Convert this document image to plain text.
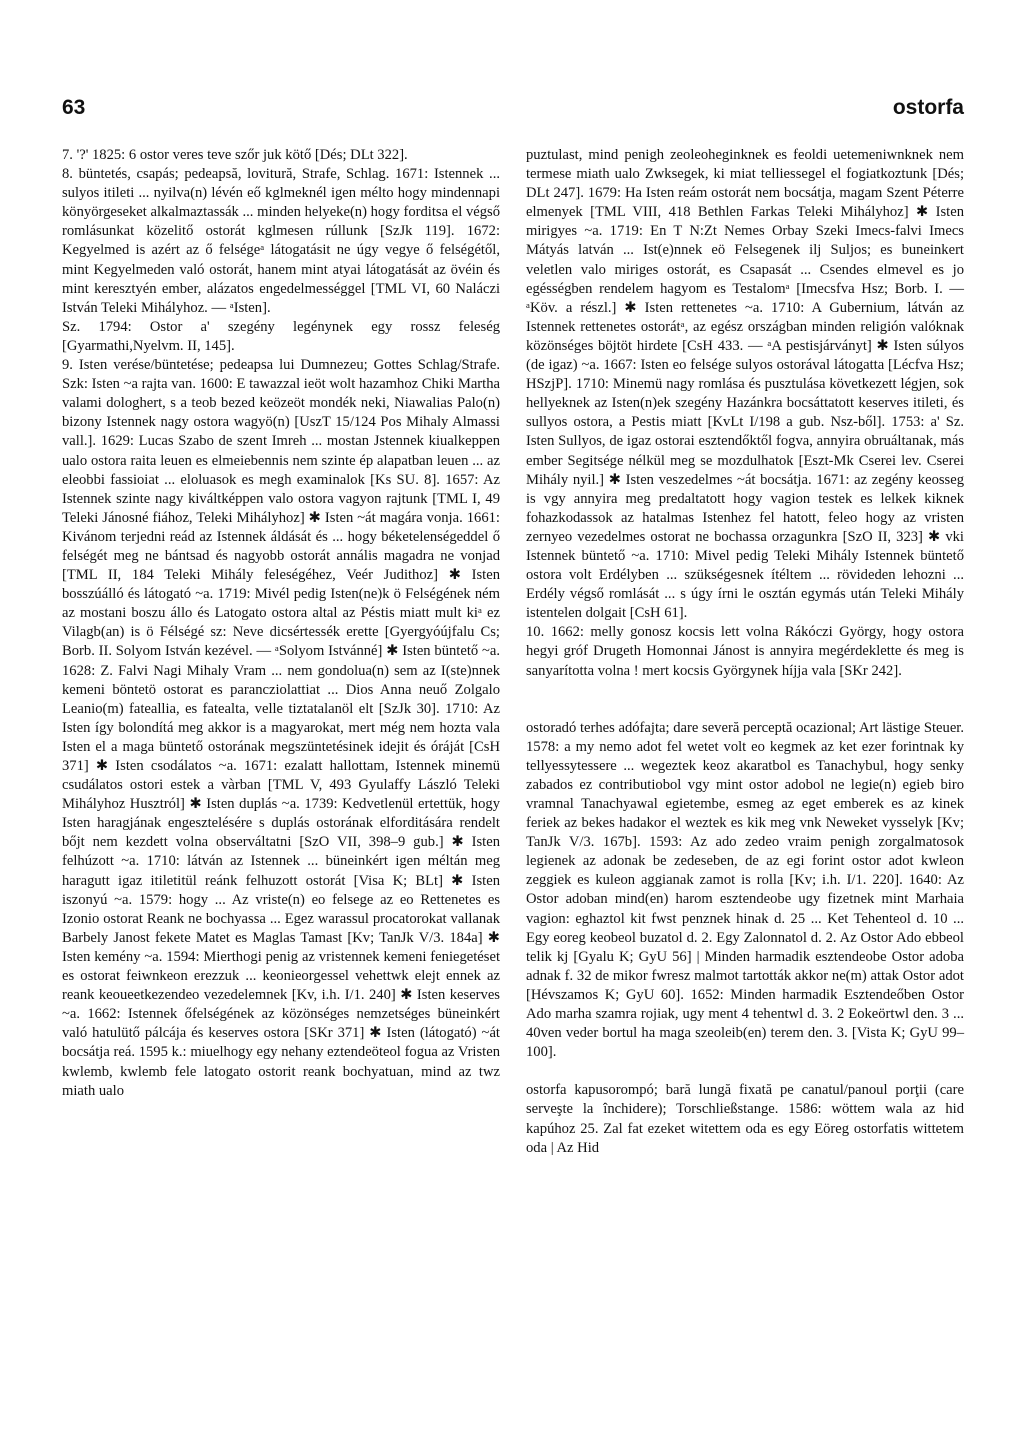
63	ostorfa

7. '?' 1825: 6 ostor veres teve szőr juk kötő [Dés; DLt 322].

8. büntetés, csapás; pedeapsă, lovitură, Strafe, Schlag. 1671: Istennek ... sulyos itileti ... nyilva(n) lévén eő kglmeknél igen mélto hogy mindennapi könyörgeseket alkalmaztassák ... minden helyeke(n) hogy forditsa el végső romlásunkat közelitő ostorát kglmesen rúllunk [SzJk 119]. 1672: Kegyelmed is azért az ő felségeᵃ látogatásit ne úgy vegye ő felségétől, mint Kegyelmeden való ostorát, hanem mint atyai látogatását az övéin és mint keresztyén ember, alázatos engedelmességgel [TML VI, 60 Naláczi István Teleki Mihályhoz. — ᵃIsten].

Sz. 1794: Ostor a' szegény legénynek egy rossz feleség [Gyarmathi,Nyelvm. II, 145].

9. Isten verése/büntetése; pedeapsa lui Dumnezeu; Gottes Schlag/Strafe. Szk: Isten ~a rajta van. 1600: E tawazzal ieöt wolt hazamhoz Chiki Martha valami dologhert, s a teob bezed keözeöt mondék neki, Niawalias Palo(n) bizony Istennek nagy ostora wagyö(n) [UszT 15/124 Pos Mihaly Almassi vall.]. 1629: Lucas Szabo de szent Imreh ... mostan Jstennek kiualkeppen ualo ostora raita leuen es elmeiebennis nem szinte ép alapatban leuen ... az eleobbi fassioiat ... eloluasok es megh examinalok [Ks SU. 8]. 1657: Az Istennek szinte nagy kiváltképpen valo ostora vagyon rajtunk [TML I, 49 Teleki Jánosné fiához, Teleki Mihályhoz] ✱ Isten ~át magára vonja. 1661: Kivánom terjedni reád az Istennek áldását és ... hogy béketelenségeddel ő felségét meg ne bántsad és nagyobb ostorát annális magadra ne vonjad [TML II, 184 Teleki Mihály feleségéhez, Veér Judithoz] ✱ Isten bosszúálló és látogató ~a. 1719: Mivél pedig Isten(ne)k ö Felségének ném az mostani boszu állo és Latogato ostora altal az Péstis miatt mult kiᵃ ez Vilagb(an) is ö Félségé sz: Neve dicsértessék erette [Gyergyóújfalu Cs; Borb. II. Solyom István kezével. — ᵃSolyom Istvánné] ✱ Isten büntető ~a. 1628: Z. Falvi Nagi Mihaly Vram ... nem gondolua(n) sem az I(ste)nnek kemeni böntetö ostorat es parancziolattiat ... Dios Anna neuő Zolgalo Leanio(m) fateallia, es fatealta, velle tiztatalanöl elt [SzJk 30]. 1710: Az Isten így bolondítá meg akkor is a magyarokat, mert még nem hozta vala Isten el a maga büntető ostorának megszüntetésinek idejit és óráját [CsH 371] ✱ Isten csodálatos ~a. 1671: ezalatt hallottam, Istennek minemü csudálatos ostori estek a vàrban [TML V, 493 Gyulaffy László Teleki Mihályhoz Husztról] ✱ Isten duplás ~a. 1739: Kedvetlenül ertettük, hogy Isten haragjának engesztelésére s duplás ostorának elforditására rendelt bőjt nem kezdett volna observáltatni [SzO VII, 398–9 gub.] ✱ Isten felhúzott ~a. 1710: látván az Istennek ... büneinkért igen méltán meg haragutt igaz itiletitül reánk felhuzott ostorát [Visa K; BLt] ✱ Isten iszonyú ~a. 1579: hogy ... Az vriste(n) eo felsege az eo Rettenetes es Izonio ostorat Reank ne bochyassa ... Egez warassul procatorokat vallanak Barbely Janost fekete Matet es Maglas Tamast [Kv; TanJk V/3. 184a] ✱ Isten kemény ~a. 1594: Mierthogi penig az vristennek kemeni feniegetéset es ostorat feiwnkeon erezzuk ... keonieorgessel vehettwk elejt ennek az reank keoueetkezendeo vezedelemnek [Kv, i.h. I/1. 240] ✱ Isten keserves ~a. 1662: Istennek őfelségének az közönséges nemzetséges büneinkért való hatulütő pálcája és keserves ostora [SKr 371] ✱ Isten (látogató) ~át bocsátja reá. 1595 k.: miuelhogy egy nehany eztendeöteol fogua az Vristen kwlemb, kwlemb fele latogato ostorit reank bochyatuan, mind az twz miath ualo

puztulast, mind penigh zeoleoheginknek es feoldi uetemeniwnknek nem termese miath ualo Zwksegek, ki miat telliessegel el fogiatkoztunk [Dés; DLt 247]. 1679: Ha Isten reám ostorát nem bocsátja, magam Szent Péterre elmenyek [TML VIII, 418 Bethlen Farkas Teleki Mihályhoz] ✱ Isten mirigyes ~a. 1719: En T N:Zt Nemes Orbay Szeki Imecs-falvi Imecs Mátyás latván ... Ist(e)nnek eö Felsegenek ilj Suljos; es buneinkert veletlen valo miriges ostorát, es Csapasát ... Csendes elmevel es jo egésségben rendelem hagyom es Testalomᵃ [Imecsfva Hsz; Borb. I. — ᵃKöv. a részl.] ✱ Isten rettenetes ~a. 1710: A Gubernium, látván az Istennek rettenetes ostorátᵃ, az egész országban minden religión valóknak közönséges böjtöt hirdete [CsH 433. — ᵃA pestisjárványt] ✱ Isten súlyos (de igaz) ~a. 1667: Isten eo felsége sulyos ostorával látogatta [Lécfva Hsz; HSzjP]. 1710: Minemü nagy romlása és pusztulása következett légjen, sok hellyeknek az Isten(n)ek szegény Hazánkra bocsáttatott keserves itileti, és sullyos ostora, a Pestis miatt [KvLt I/198 a gub. Nsz-ből]. 1753: a' Sz. Isten Sullyos, de igaz ostorai esztendőktől fogva, annyira obruáltanak, más ember Segitsége nélkül meg se mozdulhatok [Eszt-Mk Cserei lev. Cserei Mihály nyil.] ✱ Isten veszedelmes ~át bocsátja. 1671: az zegény keosseg is vgy annyira meg predaltatott hogy vagion testek es lelkek kiknek fohazkodassok az hatalmas Istenhez fel hatott, feleo hogy az vristen zernyeo vezedelmes ostorat ne bochassa orzagunkra [SzO II, 323] ✱ vki Istennek büntető ~a. 1710: Mivel pedig Teleki Mihály Istennek büntető ostora volt Erdélyben ... szükségesnek ítéltem ... rövideden lehozni ... Erdély végső romlását ... s úgy írni le osztán egymás után Teleki Mihály istentelen dolgait [CsH 61].

10. 1662: melly gonosz kocsis lett volna Rákóczi György, hogy ostora hegyi gróf Drugeth Homonnai Jánost is annyira megérdeklette és meg is sanyarította volna ! mert kocsis Györgynek híjja vala [SKr 242].

ostoradó terhes adófajta; dare severă perceptă ocazional; Art lästige Steuer. 1578: a my nemo adot fel wetet volt eo kegmek az ket ezer forintnak ky tellyessytessere ... wegeztek keoz akaratbol es Tanachybul, hogy senky zabados ez contributiobol vgy mint ostor adobol ne legie(n) egieb biro vramnal Tanachyawal egietembe, esmeg az eget emberek es az kinek feriek az bekes hadakor el weztek es kik meg vnk Neweket vysselyk [Kv; TanJk V/3. 167b]. 1593: Az ado zedeo vraim penigh zorgalmatosok legienek az adonak be zedeseben, de az egi forint ostor adot kwleon zeggiek es kuleon aggianak zamot is rolla [Kv; i.h. I/1. 220]. 1640: Az Ostor adoban mind(en) harom esztendeobe ugy fizetnek mint Marhaia vagion: eghaztol kit fwst penznek hinak d. 25 ... Ket Tehenteol d. 10 ... Egy eoreg keobeol buzatol d. 2. Egy Zalonnatol d. 2. Az Ostor Ado ebbeol telik kj [Gyalu K; GyU 56] | Minden harmadik esztendeobe Ostor adoba adnak f. 32 de mikor fwresz malmot tartották akkor ne(m) attak Ostor adot [Hévszamos K; GyU 60]. 1652: Minden harmadik Esztendeőben Ostor Ado marha szamra rojiak, ugy ment 4 tehentwl d. 3. 2 Eokeörtwl den. 3 ... 40ven veder bortul ha maga szeoleib(en) terem den. 3. [Vista K; GyU 99–100].

ostorfa kapusorompó; bară lungă fixată pe canatul/panoul porţii (care serveşte la închidere); Torschließstange. 1586: wöttem wala az hid kapúhoz 25. Zal fat ezeket witettem oda es egy Eöreg ostorfatis wittetem oda | Az Hid
